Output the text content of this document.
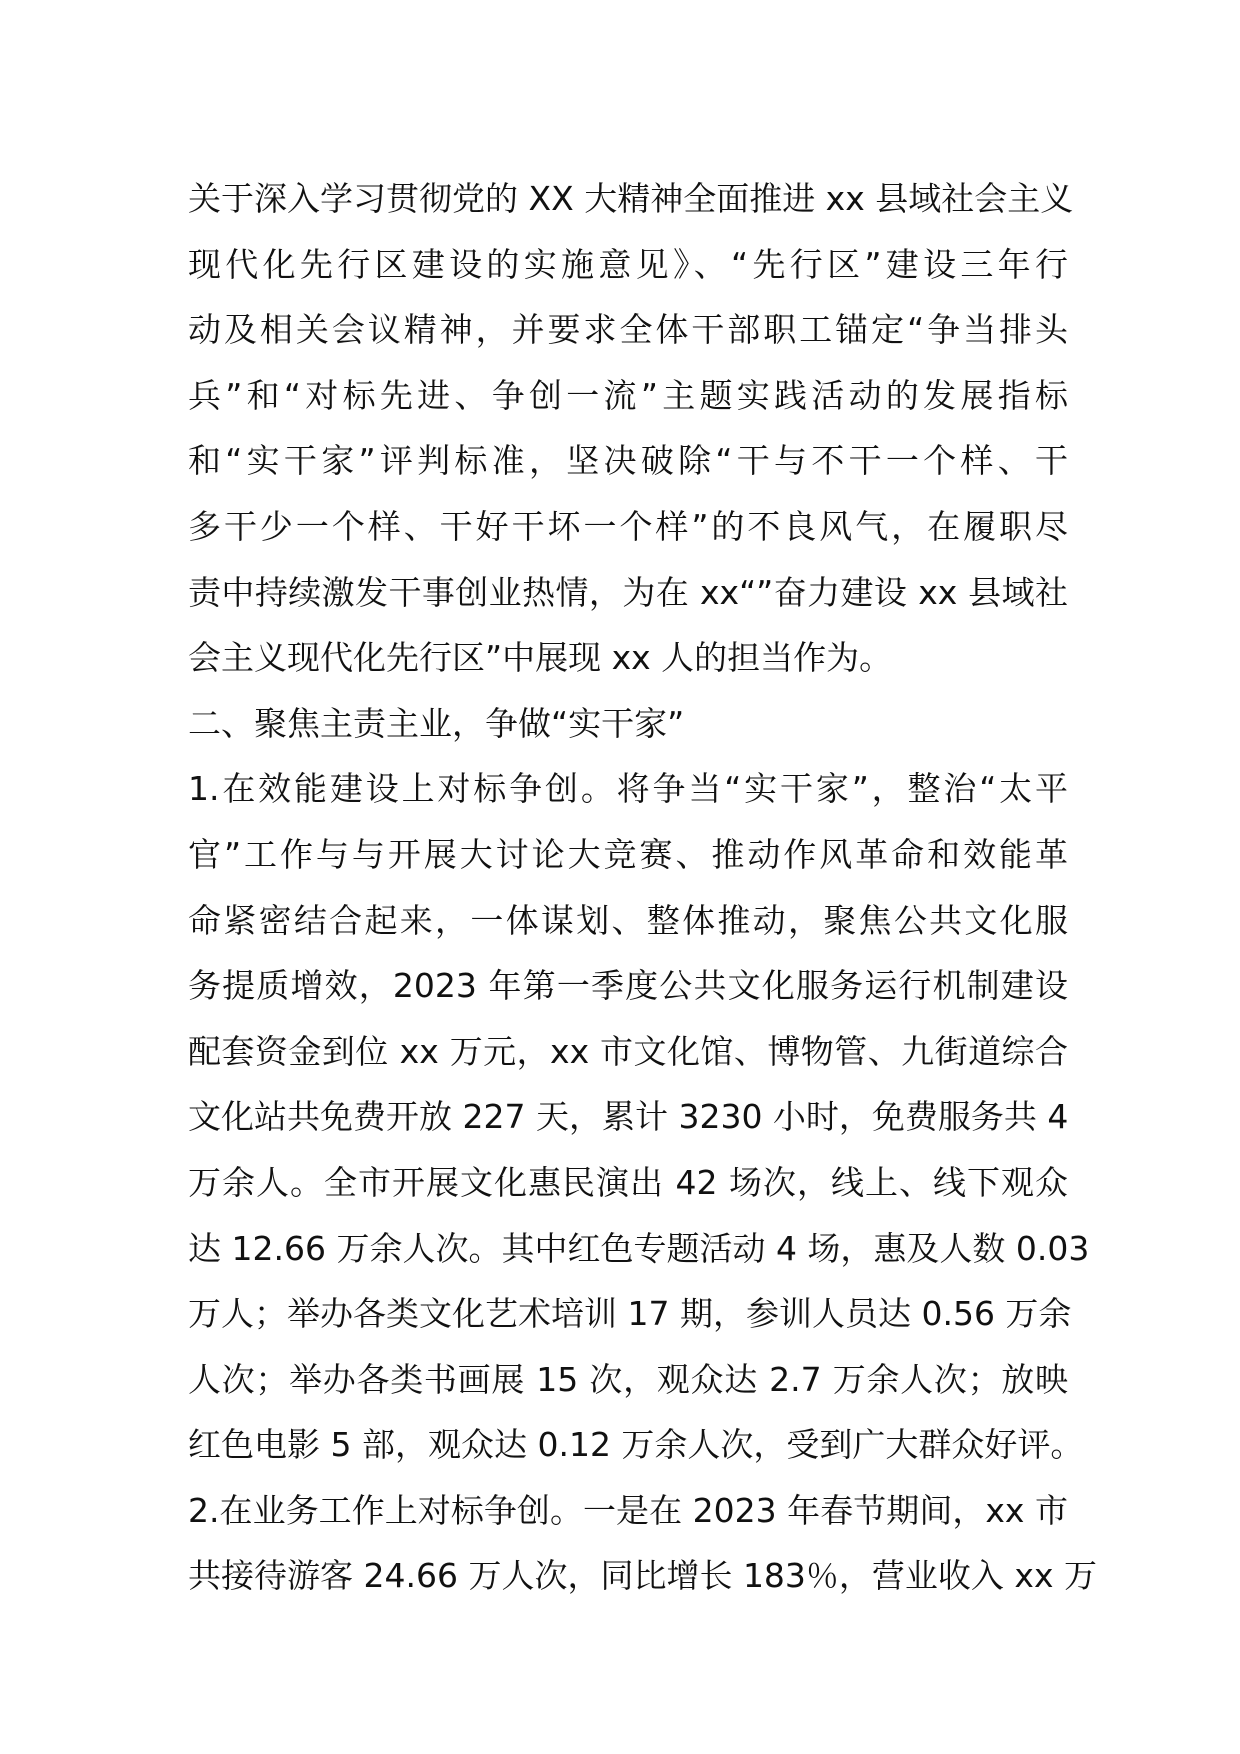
关于深入学习贯彻党的 XX 大精神全面推进 xx 县域社会主义
现代化先行区建设的实施意见》、“先行区”建设三年行
动及相关会议精神，并要求全体干部职工锚定“争当排头
兵”和“对标先进、争创一流”主题实践活动的发展指标
和“实干家”评判标准，坚决破除“干与不干一个样、干
多干少一个样、干好干坏一个样”的不良风气，在履职尽
责中持续激发干事创业热情，为在 xx“”奋力建设 xx 县域社
会主义现代化先行区”中展现 xx 人的担当作为。
二、聚焦主责主业，争做“实干家”
1.在效能建设上对标争创。将争当“实干家”，整治“太平
官”工作与与开展大讨论大竞赛、推动作风革命和效能革
命紧密结合起来，一体谋划、整体推动，聚焦公共文化服
务提质增效，2023 年第一季度公共文化服务运行机制建设
配套资金到位 xx 万元，xx 市文化馆、博物管、九街道综合
文化站共免费开放 227 天，累计 3230 小时，免费服务共 4
万余人。全市开展文化惠民演出 42 场次，线上、线下观众
达 12.66 万余人次。其中红色专题活动 4 场，惠及人数 0.03
万人；举办各类文化艺术培训 17 期，参训人员达 0.56 万余
人次；举办各类书画展 15 次，观众达 2.7 万余人次；放映
红色电影 5 部，观众达 0.12 万余人次，受到广大群众好评。
2.在业务工作上对标争创。一是在 2023 年春节期间，xx 市
共接待游客 24.66 万人次，同比增长 183％，营业收入 xx 万
